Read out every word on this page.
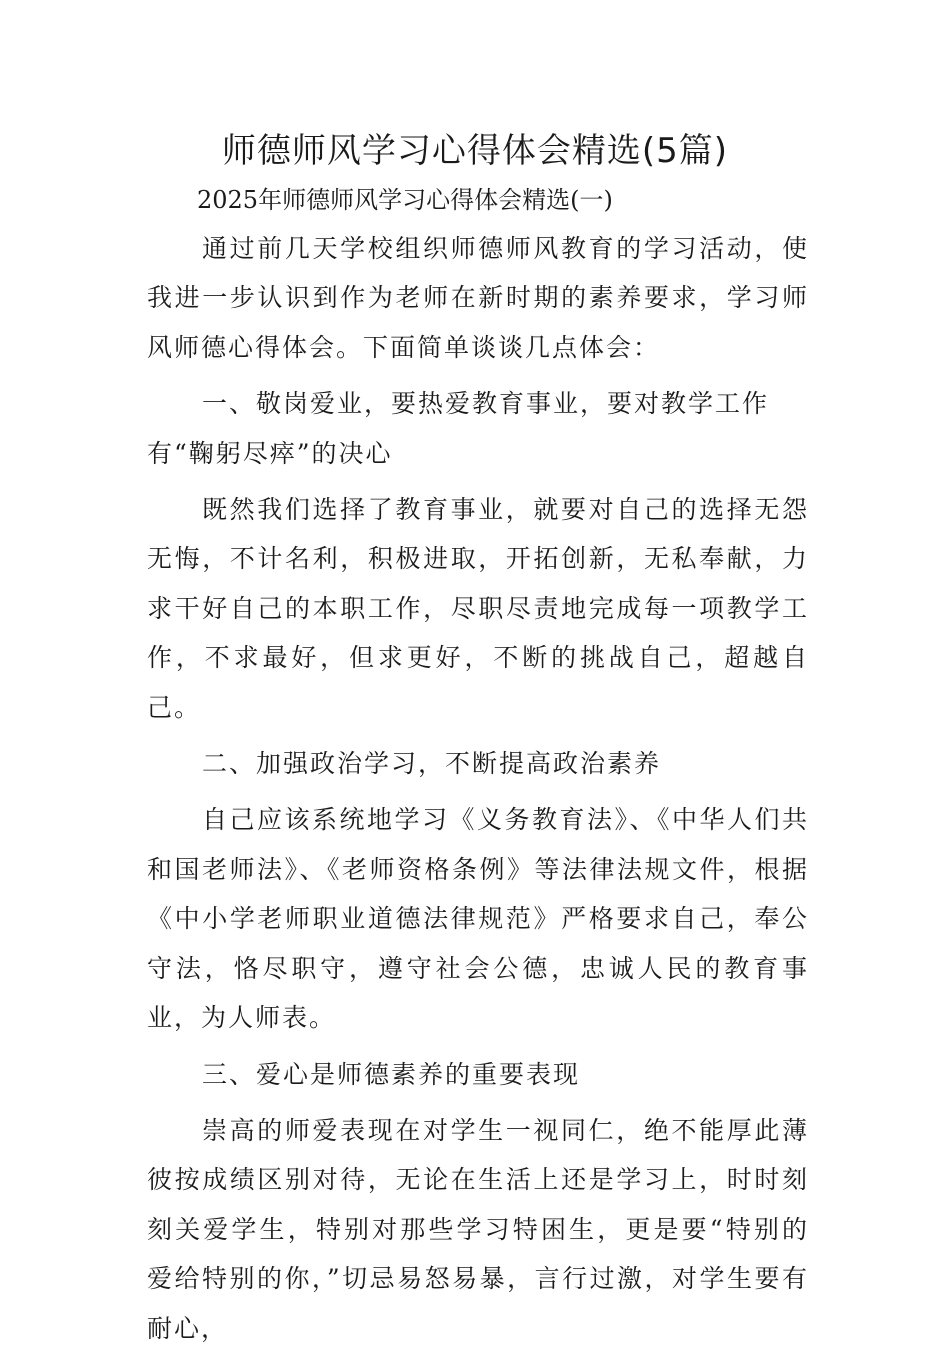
师德师风学习心得体会精选(5篇)

2025年师德师风学习心得体会精选(一)

通过前几天学校组织师德师风教育的学习活动，使我进一步认识到作为老师在新时期的素养要求，学习师风师德心得体会。下面简单谈谈几点体会：

一、敬岗爱业，要热爱教育事业，要对教学工作有“鞠躬尽瘁”的决心

既然我们选择了教育事业，就要对自己的选择无怨无悔，不计名利，积极进取，开拓创新，无私奉献，力求干好自己的本职工作，尽职尽责地完成每一项教学工作，不求最好，但求更好，不断的挑战自己，超越自己。

二、加强政治学习，不断提高政治素养

自己应该系统地学习《义务教育法》、《中华人们共和国老师法》、《老师资格条例》等法律法规文件，根据《中小学老师职业道德法律规范》严格要求自己，奉公守法，恪尽职守，遵守社会公德，忠诚人民的教育事业，为人师表。

三、爱心是师德素养的重要表现

崇高的师爱表现在对学生一视同仁，绝不能厚此薄彼按成绩区别对待，无论在生活上还是学习上，时时刻刻关爱学生，特别对那些学习特困生，更是要“特别的爱给特别的你，”切忌易怒易暴，言行过激，对学生要有耐心，
